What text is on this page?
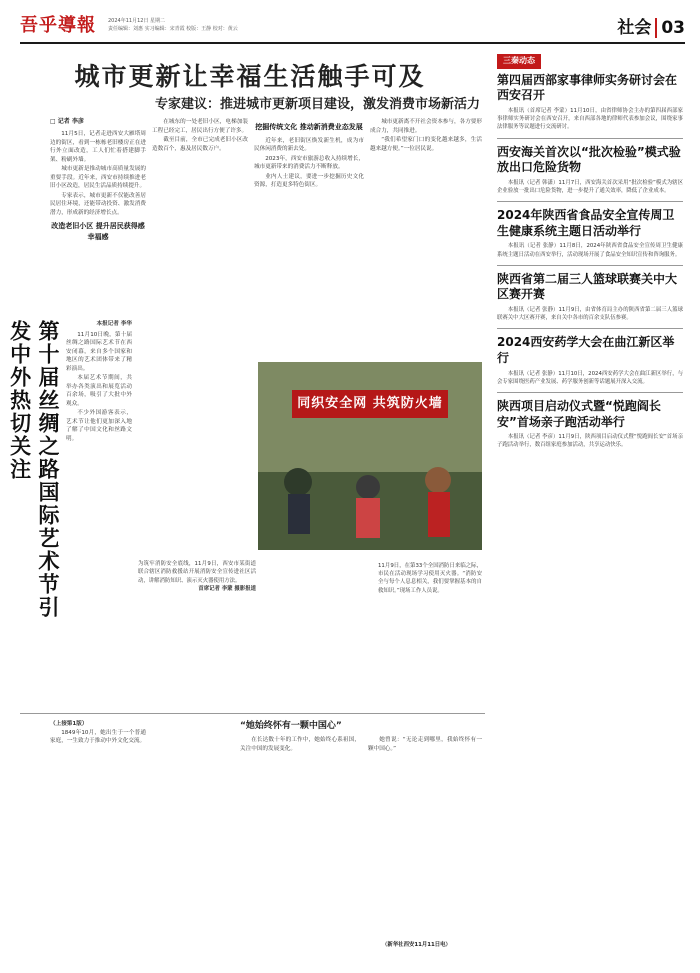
吾乎導報 2024年11月12日 星期二
责任编辑：刘惠 实习编辑：宋青霞 校版：王静 校对：黄云	社会 03
城市更新让幸福生活触手可及
专家建议：推进城市更新项目建设，激发消费市场新活力
□ 记者 李彦

11月5日，记者走进西安大雁塔周边的街区，看到一栋栋老旧楼房正在进行外立面改造，工人们忙着搭建脚手架、粉刷外墙。

城市更新是推动城市高质量发展的重要手段。近年来，西安市持续推进老旧小区改造，居民生活品质持续提升。

专家表示，城市更新不仅能改善居民居住环境，还能带动投资、激发消费潜力，形成新的经济增长点。

改造老旧小区 提升居民获得感幸福感

在城东的一处老旧小区，电梯加装工程已经完工，居民出行方便了许多。

截至目前，全市已完成老旧小区改造数百个，惠及居民数万户。

挖掘传统文化 推动新消费业态发展

近年来，老旧街区焕发新生机，成为市民休闲消费的新去处。

2023年，西安市旅游总收入持续增长，城市更新带来的消费活力不断释放。

业内人士建议，要进一步挖掘历史文化资源，打造更多特色街区。

城市更新离不开社会资本参与，各方要形成合力，共同推进。

“我们希望家门口的变化越来越多，生活越来越方便。”一位居民说。

第十届丝绸之路国际艺术节引发中外热切关注	本报记者 李华

11月10日晚，第十届丝绸之路国际艺术节在西安闭幕，来自多个国家和地区的艺术团体带来了精彩演出。

本届艺术节期间，共举办各类演出和展览活动百余场，吸引了大批中外观众。

不少外国游客表示，艺术节让他们更加深入地了解了中国文化和丝路文明。

同织安全网 共筑防火墙
为筑牢消防安全底线，11月9日，西安市某街道联合辖区消防救援站开展消防安全宣传进社区活动，讲解消防知识、演示灭火器使用方法。
首席记者 李蒙 摄影报道
11月9日，在第33个全国消防日来临之际，市民在活动现场学习使用灭火器。“消防安全与每个人息息相关，我们要掌握基本的自救知识。”现场工作人员说。
（上接第1版）

1849年10月，她出生于一个普通家庭，一生致力于推动中外文化交流。

“她始终怀有一颗中国心”

在长达数十年的工作中，她始终心系祖国，关注中国的发展变化。

她曾说：“无论走到哪里，我始终怀有一颗中国心。”

（新华社西安11月11日电）
三秦动态
第四届西部家事律师实务研讨会在西安召开
本报讯（首席记者 李蒙）11月10日，由省律师协会主办的第四届西部家事律师实务研讨会在西安召开，来自西部各地的律师代表参加会议，围绕家事法律服务等议题进行交流研讨。
西安海关首次以“批次检验”模式验放出口危险货物
本报讯（记者 韩潇）11月7日，西安海关首次采用“批次检验”模式为辖区企业验放一批出口危险货物，进一步提升了通关效率，降低了企业成本。
2024年陕西省食品安全宣传周卫生健康系统主题日活动举行
本报讯（记者 张静）11月8日，2024年陕西省食品安全宣传周卫生健康系统主题日活动在西安举行，活动现场开展了食品安全知识宣传和咨询服务。
陕西省第二届三人篮球联赛关中大区赛开赛
本报讯（记者 张静）11月9日，由省体育局主办的陕西省第二届三人篮球联赛关中大区赛开赛，来自关中各市的百余支队伍参赛。
2024西安药学大会在曲江新区举行
本报讯（记者 张静）11月10日，2024西安药学大会在曲江新区举行，与会专家围绕医药产业发展、药学服务创新等话题展开深入交流。
陕西项目启动仪式暨“悦跑阎长安”首场亲子跑活动举行
本报讯（记者 李彦）11月9日，陕西项目启动仪式暨“悦跑阎长安”首场亲子跑活动举行，数百组家庭参加活动，共享运动快乐。
